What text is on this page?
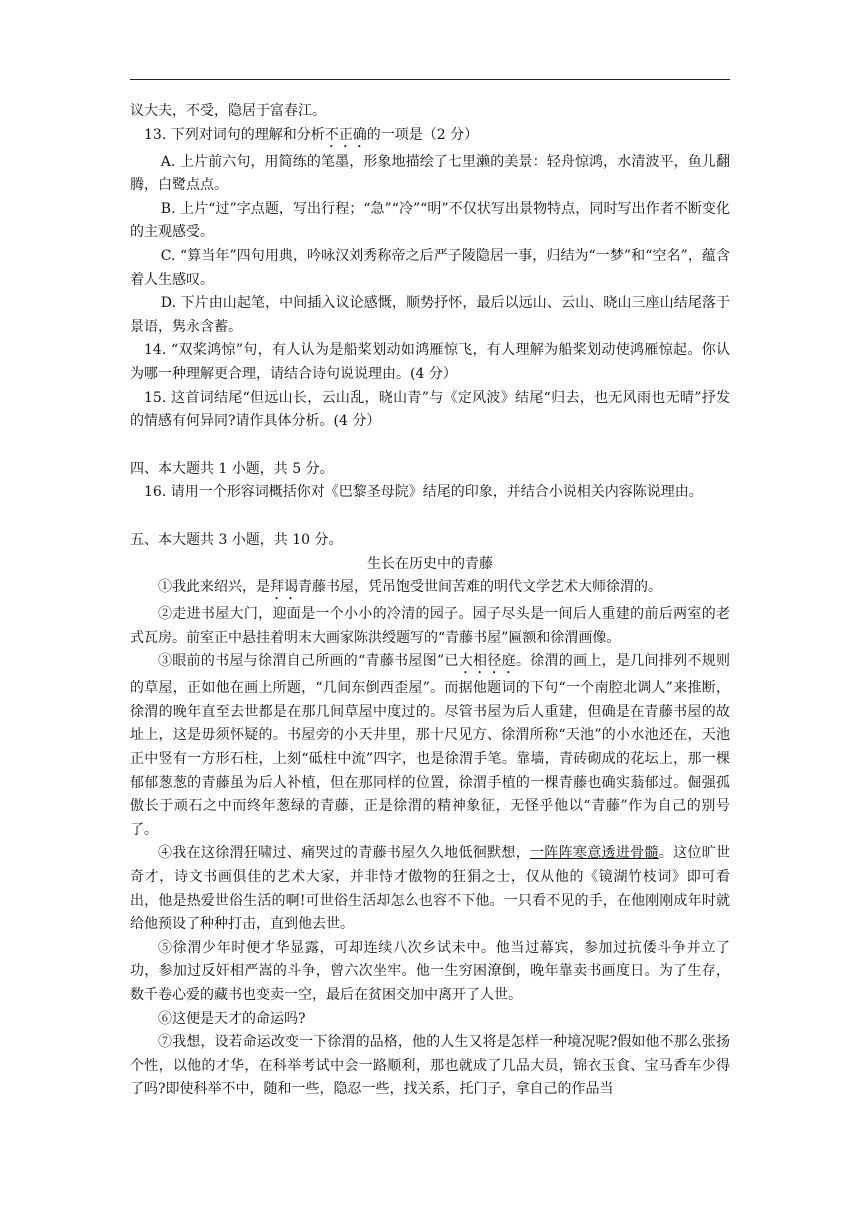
议大夫，不受，隐居于富春江。

13. 下列对词句的理解和分析不正确的一项是（2 分）

A. 上片前六句，用简练的笔墨，形象地描绘了七里濑的美景：轻舟惊鸿，水清波平，鱼儿翻腾，白鹭点点。

B. 上片“过”字点题，写出行程；“急”“冷”“明”不仅状写出景物特点，同时写出作者不断变化的主观感受。

C. “算当年”四句用典，吟咏汉刘秀称帝之后严子陵隐居一事，归结为“一梦”和“空名”，蕴含着人生感叹。

D. 下片由山起笔，中间插入议论感慨，顺势抒怀，最后以远山、云山、晓山三座山结尾落于景语，隽永含蓄。

14. “双桨鸿惊”句，有人认为是船桨划动如鸿雁惊飞，有人理解为船桨划动使鸿雁惊起。你认为哪一种理解更合理，请结合诗句说说理由。(4 分）

15. 这首词结尾“但远山长，云山乱，晓山青”与《定风波》结尾“归去，也无风雨也无晴”抒发的情感有何异同?请作具体分析。(4 分）

四、本大题共 1 小题，共 5 分。

16. 请用一个形容词概括你对《巴黎圣母院》结尾的印象，并结合小说相关内容陈说理由。

五、本大题共 3 小题，共 10 分。

生长在历史中的青藤

①我此来绍兴，是拜谒青藤书屋，凭吊饱受世间苦难的明代文学艺术大师徐渭的。

②走进书屋大门，迎面是一个小小的冷清的园子。园子尽头是一间后人重建的前后两室的老式瓦房。前室正中悬挂着明末大画家陈洪绶题写的“青藤书屋”匾额和徐渭画像。

③眼前的书屋与徐渭自己所画的“青藤书屋图”已大相径庭。徐渭的画上，是几间排列不规则的草屋，正如他在画上所题，“几间东倒西歪屋”。而据他题词的下句“一个南腔北调人”来推断，徐渭的晚年直至去世都是在那几间草屋中度过的。尽管书屋为后人重建，但确是在青藤书屋的故址上，这是毋须怀疑的。书屋旁的小天井里，那十尺见方、徐渭所称“天池”的小水池还在，天池正中竖有一方形石柱，上刻“砥柱中流”四字，也是徐渭手笔。靠墙，青砖砌成的花坛上，那一棵郁郁葱葱的青藤虽为后人补植，但在那同样的位置，徐渭手植的一棵青藤也确实蓊郁过。倔强孤傲长于顽石之中而终年葱绿的青藤，正是徐渭的精神象征，无怪乎他以“青藤”作为自己的别号了。

④我在这徐渭狂啸过、痛哭过的青藤书屋久久地低徊默想，一阵阵寒意透进骨髓。这位旷世奇才，诗文书画俱佳的艺术大家，并非恃才傲物的狂狷之士，仅从他的《镜湖竹枝词》即可看出，他是热爱世俗生活的啊!可世俗生活却怎么也容不下他。一只看不见的手，在他刚刚成年时就给他预设了种种打击，直到他去世。

⑤徐渭少年时便才华显露，可却连续八次乡试未中。他当过幕宾，参加过抗倭斗争并立了功，参加过反奸相严嵩的斗争，曾六次坐牢。他一生穷困潦倒，晚年靠卖书画度日。为了生存，数千卷心爱的藏书也变卖一空，最后在贫困交加中离开了人世。

⑥这便是天才的命运吗?

⑦我想，设若命运改变一下徐渭的品格，他的人生又将是怎样一种境况呢?假如他不那么张扬个性，以他的才华，在科举考试中会一路顺利，那也就成了几品大员，锦衣玉食、宝马香车少得了吗?即使科举不中，随和一些，隐忍一些，找关系，托门子，拿自己的作品当
